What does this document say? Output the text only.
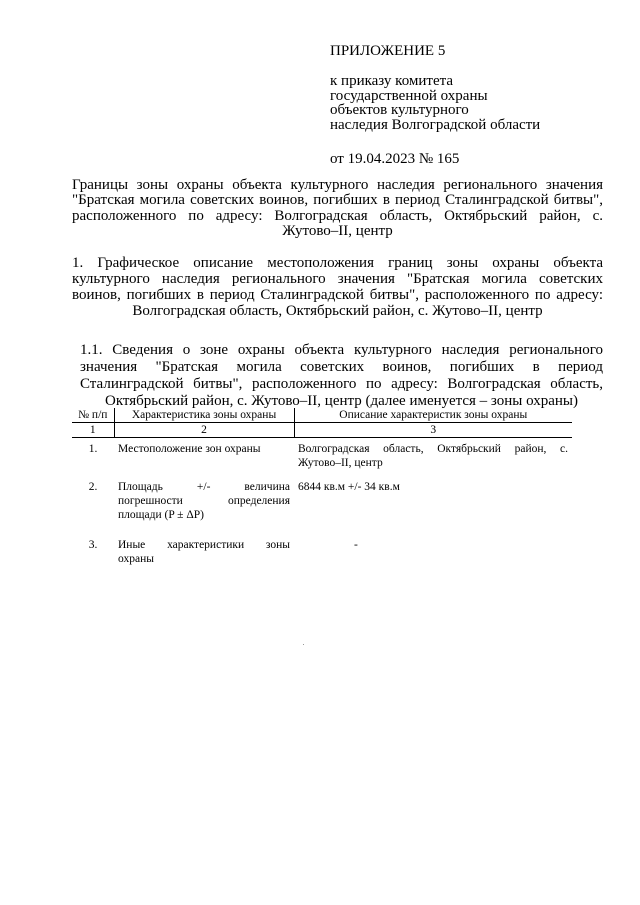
ПРИЛОЖЕНИЕ 5
к приказу комитета
государственной охраны
объектов культурного
наследия Волгоградской области
от 19.04.2023 № 165
Границы зоны охраны объекта культурного наследия регионального значения "Братская могила советских воинов, погибших в период Сталинградской битвы", расположенного по адресу: Волгоградская область, Октябрьский район, с. Жутово–II, центр
1. Графическое описание местоположения границ зоны охраны объекта культурного наследия регионального значения "Братская могила советских воинов, погибших в период Сталинградской битвы", расположенного по адресу: Волгоградская область, Октябрьский район, с. Жутово–II, центр
1.1. Сведения о зоне охраны объекта культурного наследия регионального значения "Братская могила советских воинов, погибших в период Сталинградской битвы", расположенного по адресу: Волгоградская область, Октябрьский район, с. Жутово–II, центр (далее именуется – зоны охраны)
№ п/п	Характеристика зоны охраны	Описание характеристик зоны охраны
1	2	3
1.	Местоположение зон охраны	Волгоградская область, Октябрьский район, с. Жутово–II, центр
2.	Площадь +/- величина погрешности определения площади (P ± ΔP)	6844 кв.м +/- 34 кв.м
3.	Иные характеристики зоны охраны	-
